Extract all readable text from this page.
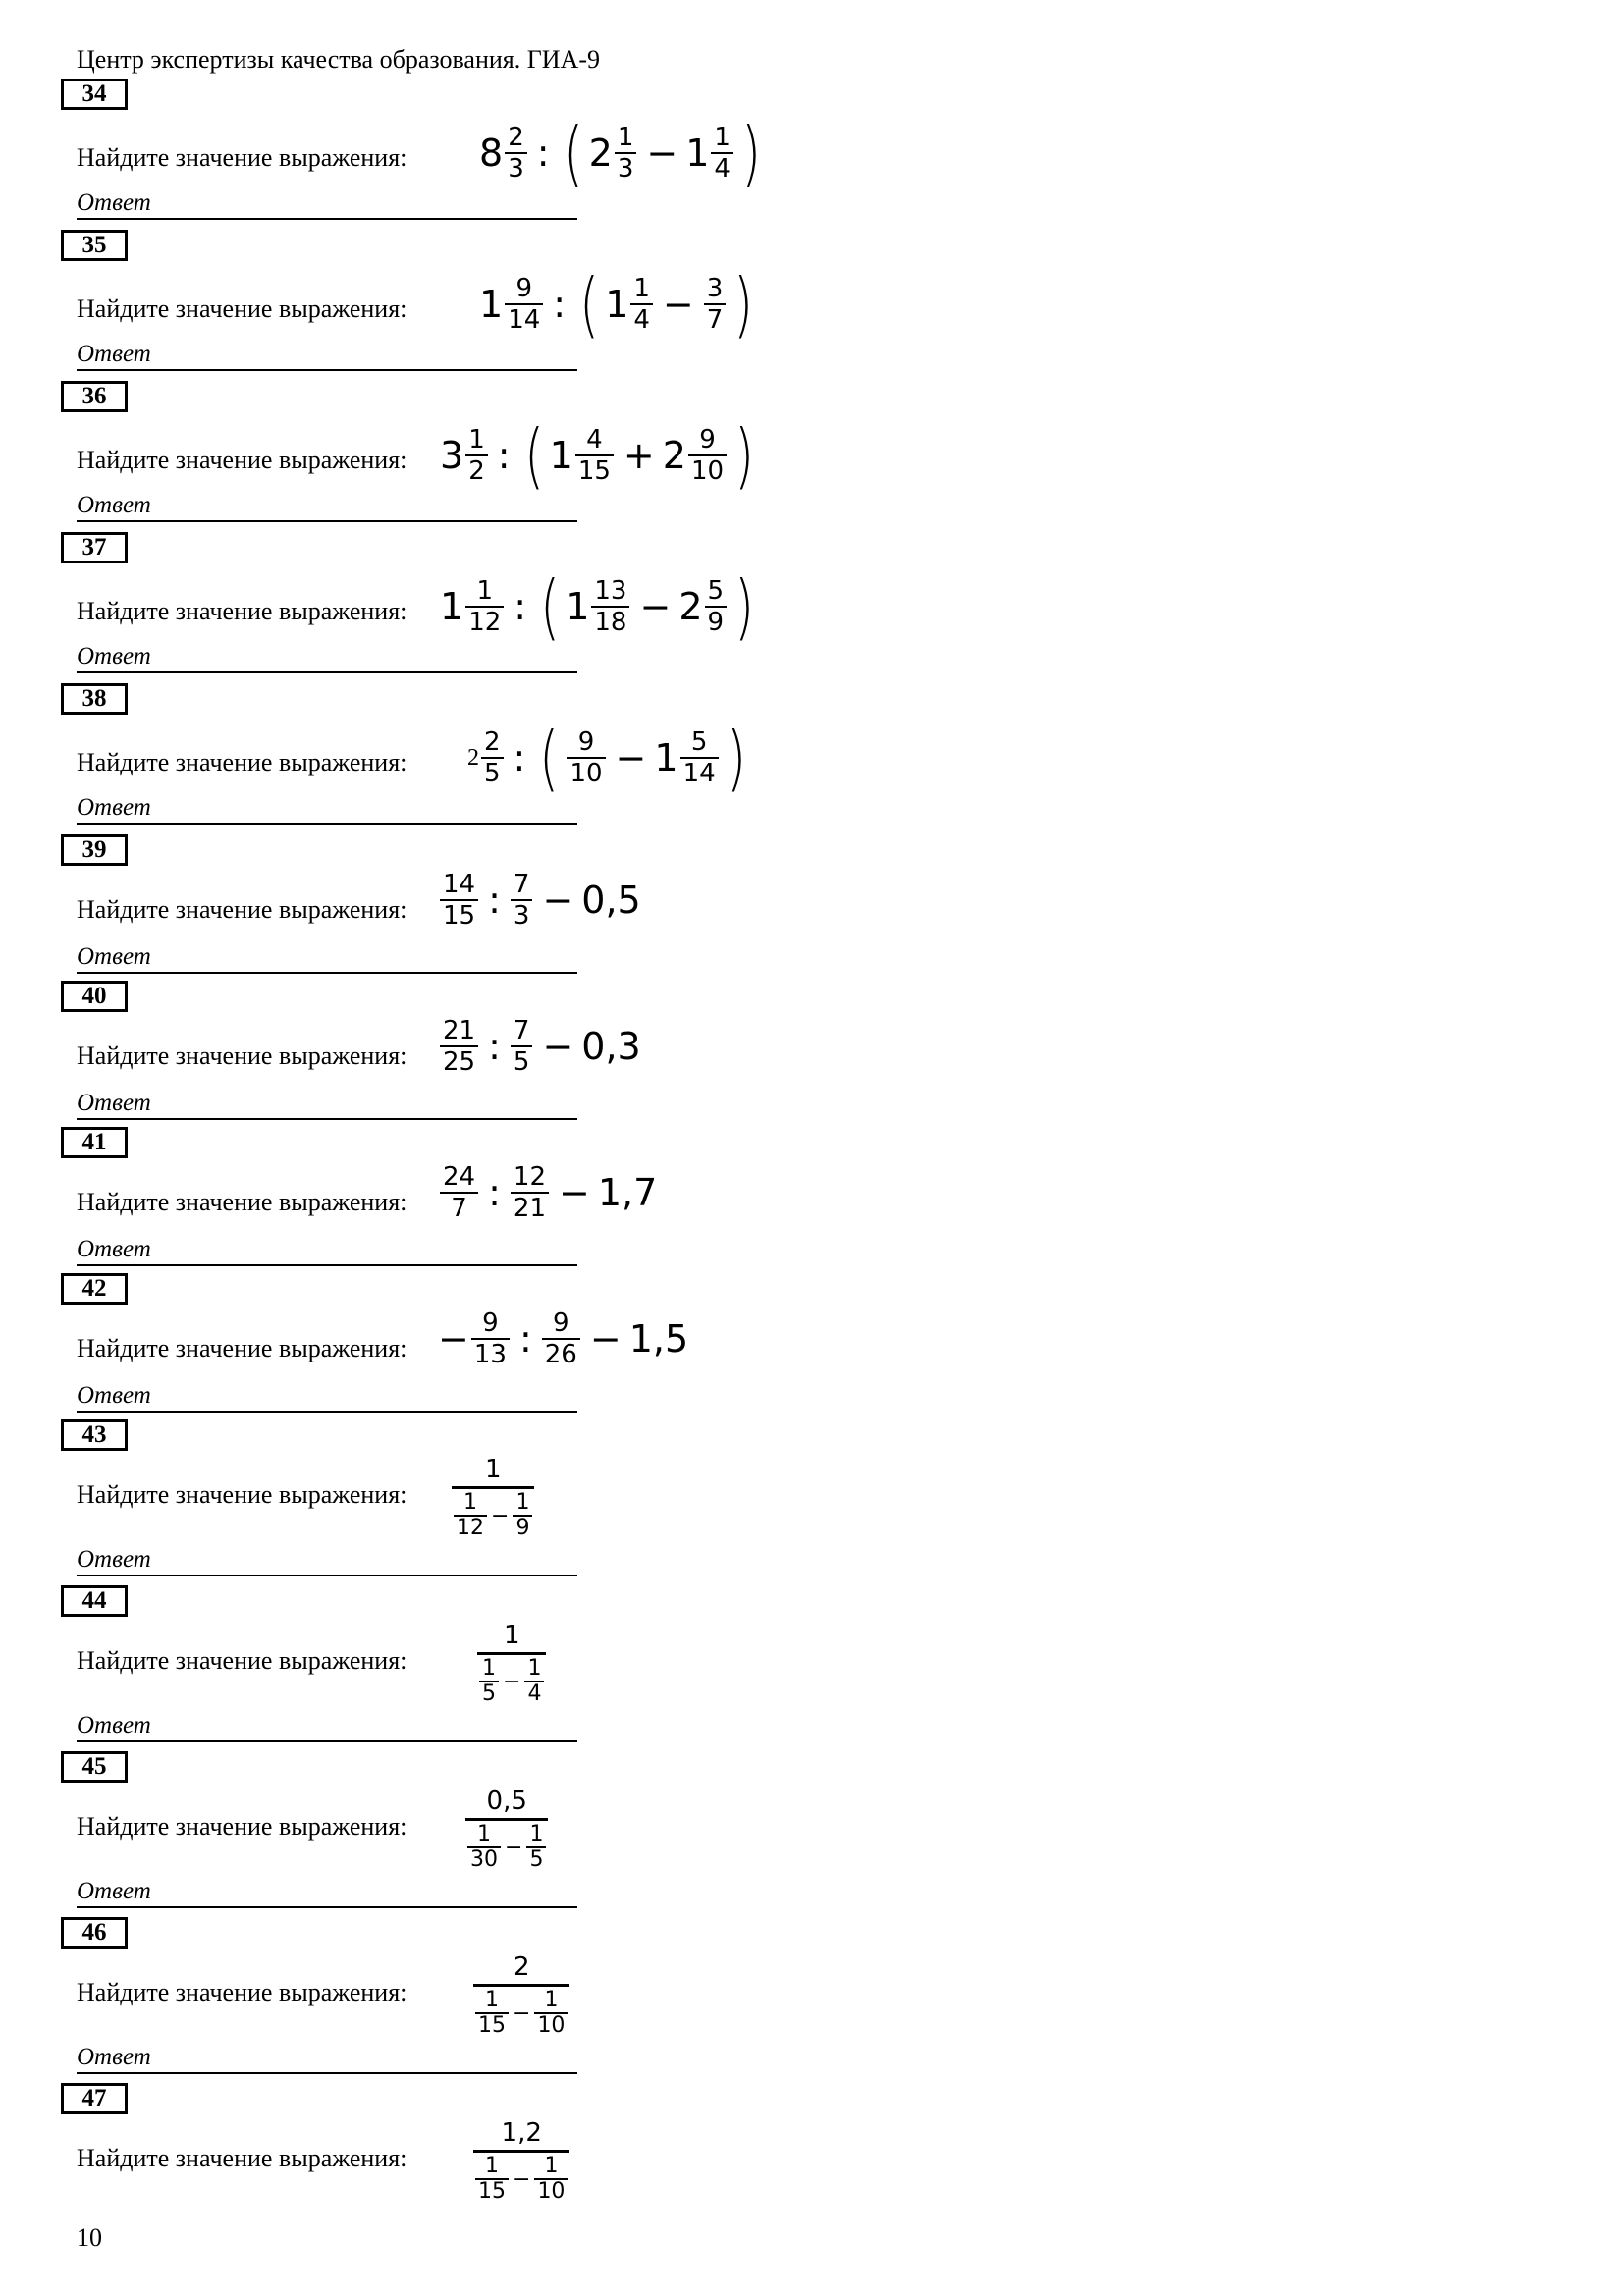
Центр экспертизы качества образования. ГИА-9
34
Найдите значение выражения: $8 \frac{2}{3}$ : ( $2 \frac{1}{3} - 1 \frac{1}{4}$ )
Ответ
35
Найдите значение выражения: $1 \frac{9}{14}$ : ( $1 \frac{1}{4} - \frac{3}{7}$ )
Ответ
36
Найдите значение выражения: $3 \frac{1}{2}$ : ( $1 \frac{4}{15} + 2 \frac{9}{10}$ )
Ответ
37
Найдите значение выражения: $1 \frac{1}{12}$ : ( $1 \frac{13}{18} - 2 \frac{5}{9}$ )
Ответ
38
Найдите значение выражения:	$2 \frac{2}{5}$ : ( $\frac{9}{10} - 1 \frac{5}{14}$ )
Ответ
39
Найдите значение выражения: $\frac{14}{15}$ : $\frac{7}{3} - 0,5$
Ответ
40
Найдите значение выражения: $\frac{21}{25}$ : $\frac{7}{5} - 0,3$
Ответ
41
Найдите значение выражения: $\frac{24}{7}$ : $\frac{12}{21} - 1,7$
Ответ
42
Найдите значение выражения: − $\frac{9}{13}$ : $\frac{9}{26} - 1,5$
Ответ
43
Найдите значение выражения:
1
$\frac{1}{12} - \frac{1}{9}$
Ответ
44
Найдите значение выражения:
1
$\frac{1}{5} - \frac{1}{4}$
Ответ
45
Найдите значение выражения:
0,5
$\frac{1}{30} - \frac{1}{5}$
Ответ
46
Найдите значение выражения:
2
$\frac{1}{15} - \frac{1}{10}$
Ответ
47
Найдите значение выражения:
1,2
$\frac{1}{15} - \frac{1}{10}$
10
